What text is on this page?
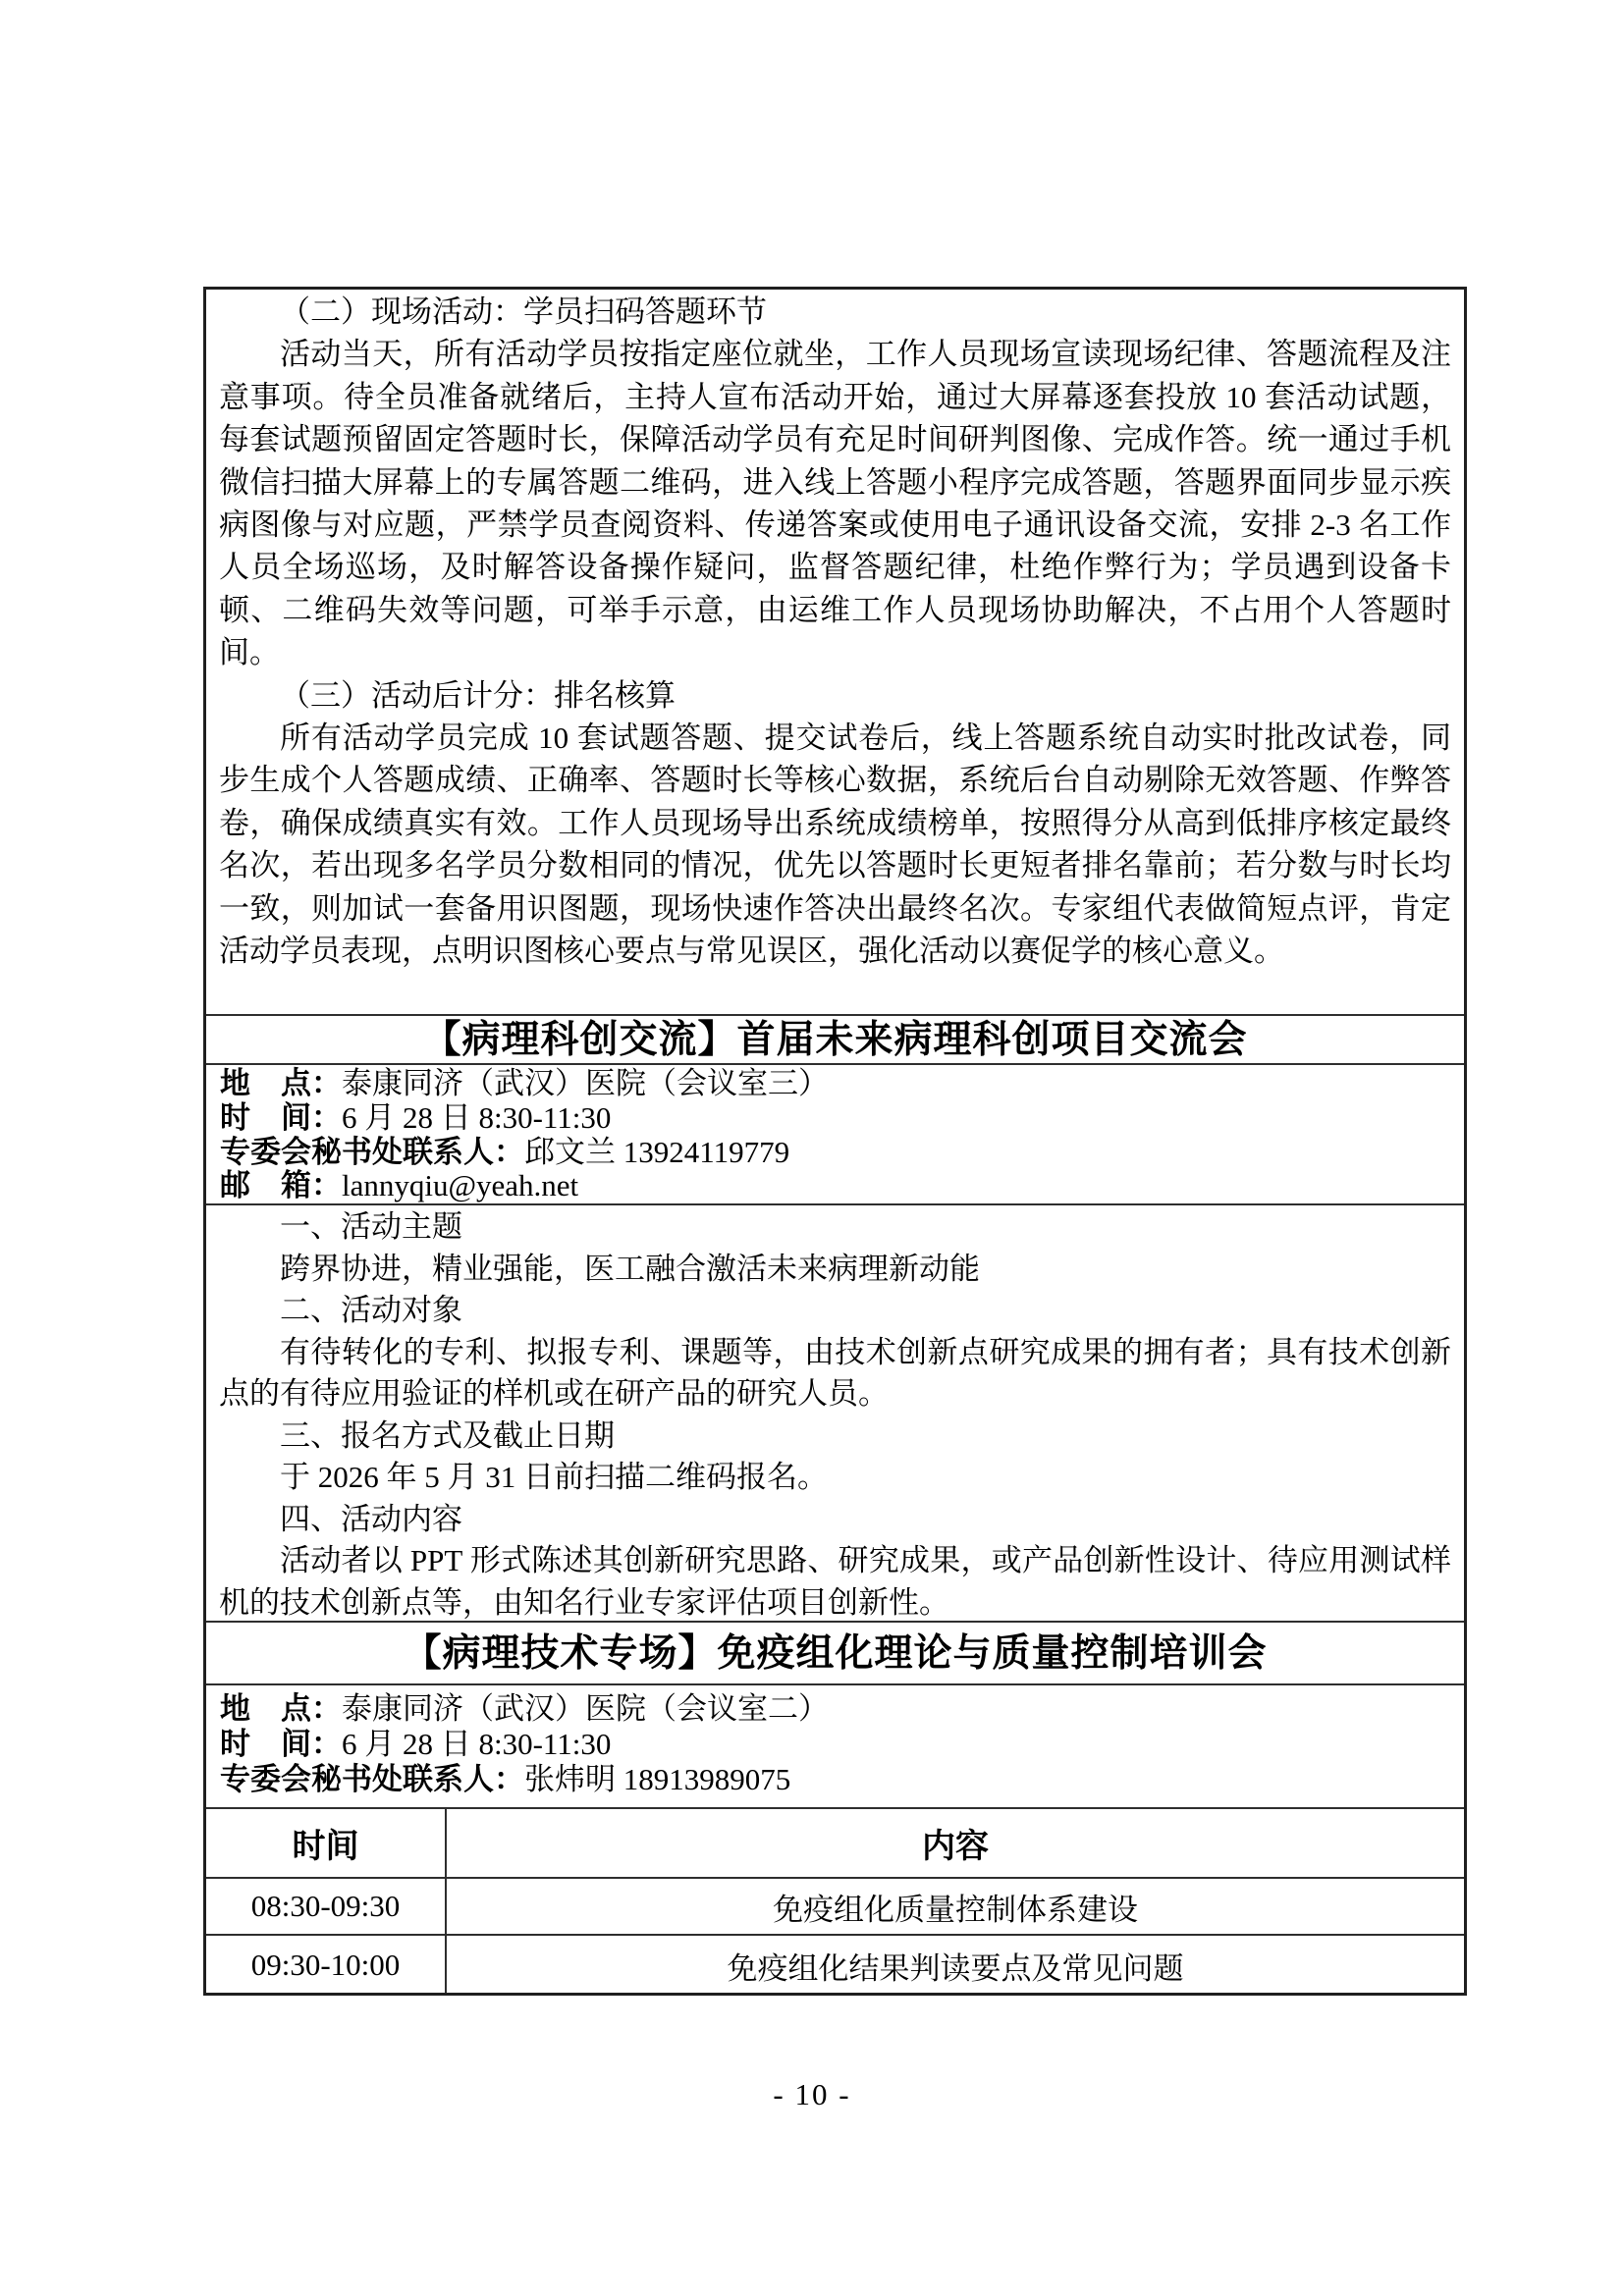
（二）现场活动：学员扫码答题环节

活动当天，所有活动学员按指定座位就坐，工作人员现场宣读现场纪律、答题流程及注意事项。待全员准备就绪后，主持人宣布活动开始，通过大屏幕逐套投放 10 套活动试题，每套试题预留固定答题时长，保障活动学员有充足时间研判图像、完成作答。统一通过手机微信扫描大屏幕上的专属答题二维码，进入线上答题小程序完成答题，答题界面同步显示疾病图像与对应题，严禁学员查阅资料、传递答案或使用电子通讯设备交流，安排 2-3 名工作人员全场巡场，及时解答设备操作疑问，监督答题纪律，杜绝作弊行为；学员遇到设备卡顿、二维码失效等问题，可举手示意，由运维工作人员现场协助解决，不占用个人答题时间。

（三）活动后计分：排名核算

所有活动学员完成 10 套试题答题、提交试卷后，线上答题系统自动实时批改试卷，同步生成个人答题成绩、正确率、答题时长等核心数据，系统后台自动剔除无效答题、作弊答卷，确保成绩真实有效。工作人员现场导出系统成绩榜单，按照得分从高到低排序核定最终名次，若出现多名学员分数相同的情况，优先以答题时长更短者排名靠前；若分数与时长均一致，则加试一套备用识图题，现场快速作答决出最终名次。专家组代表做简短点评，肯定活动学员表现，点明识图核心要点与常见误区，强化活动以赛促学的核心意义。

【病理科创交流】首届未来病理科创项目交流会
地　点：泰康同济（武汉）医院（会议室三）
时　间：6 月 28 日 8:30-11:30
专委会秘书处联系人：邱文兰 13924119779
邮　箱：lannyqiu@yeah.net

一、活动主题

跨界协进，精业强能，医工融合激活未来病理新动能

二、活动对象

有待转化的专利、拟报专利、课题等，由技术创新点研究成果的拥有者；具有技术创新点的有待应用验证的样机或在研产品的研究人员。

三、报名方式及截止日期

于 2026 年 5 月 31 日前扫描二维码报名。

四、活动内容

活动者以 PPT 形式陈述其创新研究思路、研究成果，或产品创新性设计、待应用测试样机的技术创新点等，由知名行业专家评估项目创新性。

【病理技术专场】免疫组化理论与质量控制培训会
地　点：泰康同济（武汉）医院（会议室二）
时　间：6 月 28 日 8:30-11:30
专委会秘书处联系人：张炜明 18913989075
时间	内容
08:30-09:30	免疫组化质量控制体系建设
09:30-10:00	免疫组化结果判读要点及常见问题
- 10 -
